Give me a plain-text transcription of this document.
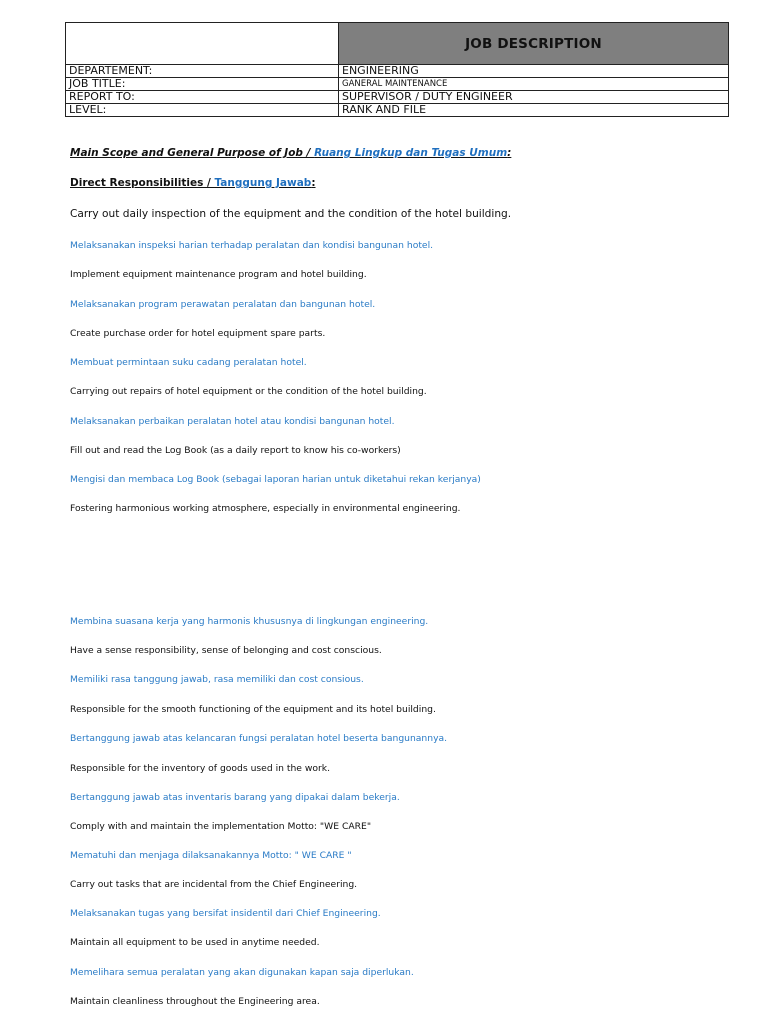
	JOB DESCRIPTION
DEPARTEMENT:	ENGINEERING
JOB TITLE:	GANERAL MAINTENANCE
REPORT TO:	SUPERVISOR / DUTY ENGINEER
LEVEL:	RANK AND FILE
Main Scope and General Purpose of Job / Ruang Lingkup dan Tugas Umum:
Direct Responsibilities / Tanggung Jawab:
Carry out daily inspection of the equipment and the condition of the hotel building.
Melaksanakan inspeksi harian terhadap peralatan dan kondisi bangunan hotel.
Implement equipment maintenance program and hotel building.
Melaksanakan program perawatan peralatan dan bangunan hotel.
Create purchase order for hotel equipment spare parts.
Membuat permintaan suku cadang peralatan hotel.
Carrying out repairs of hotel equipment or the condition of the hotel building.
Melaksanakan perbaikan peralatan hotel atau kondisi bangunan hotel.
Fill out and read the Log Book (as a daily report to know his co-workers)
Mengisi dan membaca Log Book (sebagai laporan harian untuk diketahui rekan kerjanya)
Fostering harmonious working atmosphere, especially in environmental engineering.
Membina suasana kerja yang harmonis khususnya di lingkungan engineering.
Have a sense responsibility, sense of belonging and cost conscious.
Memiliki rasa tanggung jawab, rasa memiliki dan cost consious.
Responsible for the smooth functioning of the equipment and its hotel building.
Bertanggung jawab atas kelancaran fungsi peralatan hotel beserta bangunannya.
Responsible for the inventory of goods used in the work.
Bertanggung jawab atas inventaris barang yang dipakai dalam bekerja.
Comply with and maintain the implementation Motto: "WE CARE"
Mematuhi dan menjaga dilaksanakannya Motto: " WE CARE "
Carry out tasks that are incidental from the Chief Engineering.
Melaksanakan tugas yang bersifat insidentil dari Chief Engineering.
Maintain all equipment to be used in anytime needed.
Memelihara semua peralatan yang akan digunakan kapan saja diperlukan.
Maintain cleanliness throughout the Engineering area.
